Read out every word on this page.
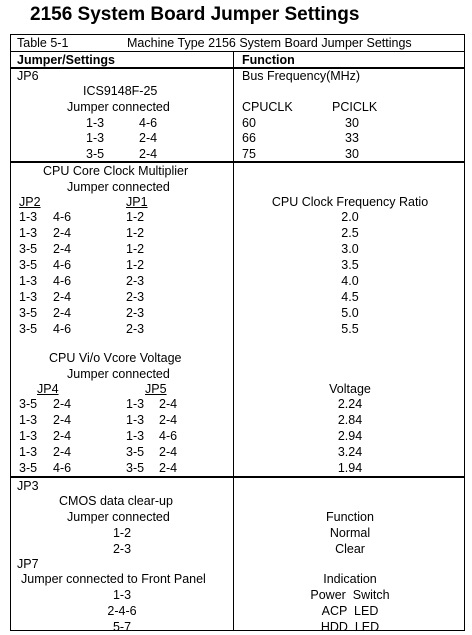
2156 System Board Jumper Settings
Table 5-1	Machine Type 2156 System Board Jumper Settings
Jumper/Settings	Function
JP6
ICS9148F-25
Jumper connected
Bus Frequency(MHz)
CPUCLK	PCICLK
1-3	4-6	60	30
1-3	2-4	66	33
3-5	2-4	75	30
CPU Core Clock Multiplier
Jumper connected
JP2	JP1	CPU Clock Frequency Ratio
1-3 4-6	1-2	2.0
1-3 2-4	1-2	2.5
3-5 2-4	1-2	3.0
3-5 4-6	1-2	3.5
1-3 4-6	2-3	4.0
1-3 2-4	2-3	4.5
3-5 2-4	2-3	5.0
3-5 4-6	2-3	5.5
CPU Vi/o Vcore Voltage
Jumper connected
JP4	JP5	Voltage
3-5 2-4	1-3 2-4	2.24
1-3 2-4	1-3 2-4	2.84
1-3 2-4	1-3 4-6	2.94
1-3 2-4	3-5 2-4	3.24
3-5 4-6	3-5 2-4	1.94
JP3
CMOS data clear-up
Jumper connected	Function
1-2	Normal
2-3	Clear
JP7
Jumper connected to Front Panel	Indication
1-3	Power  Switch
2-4-6	ACP  LED
5-7	HDD  LED
